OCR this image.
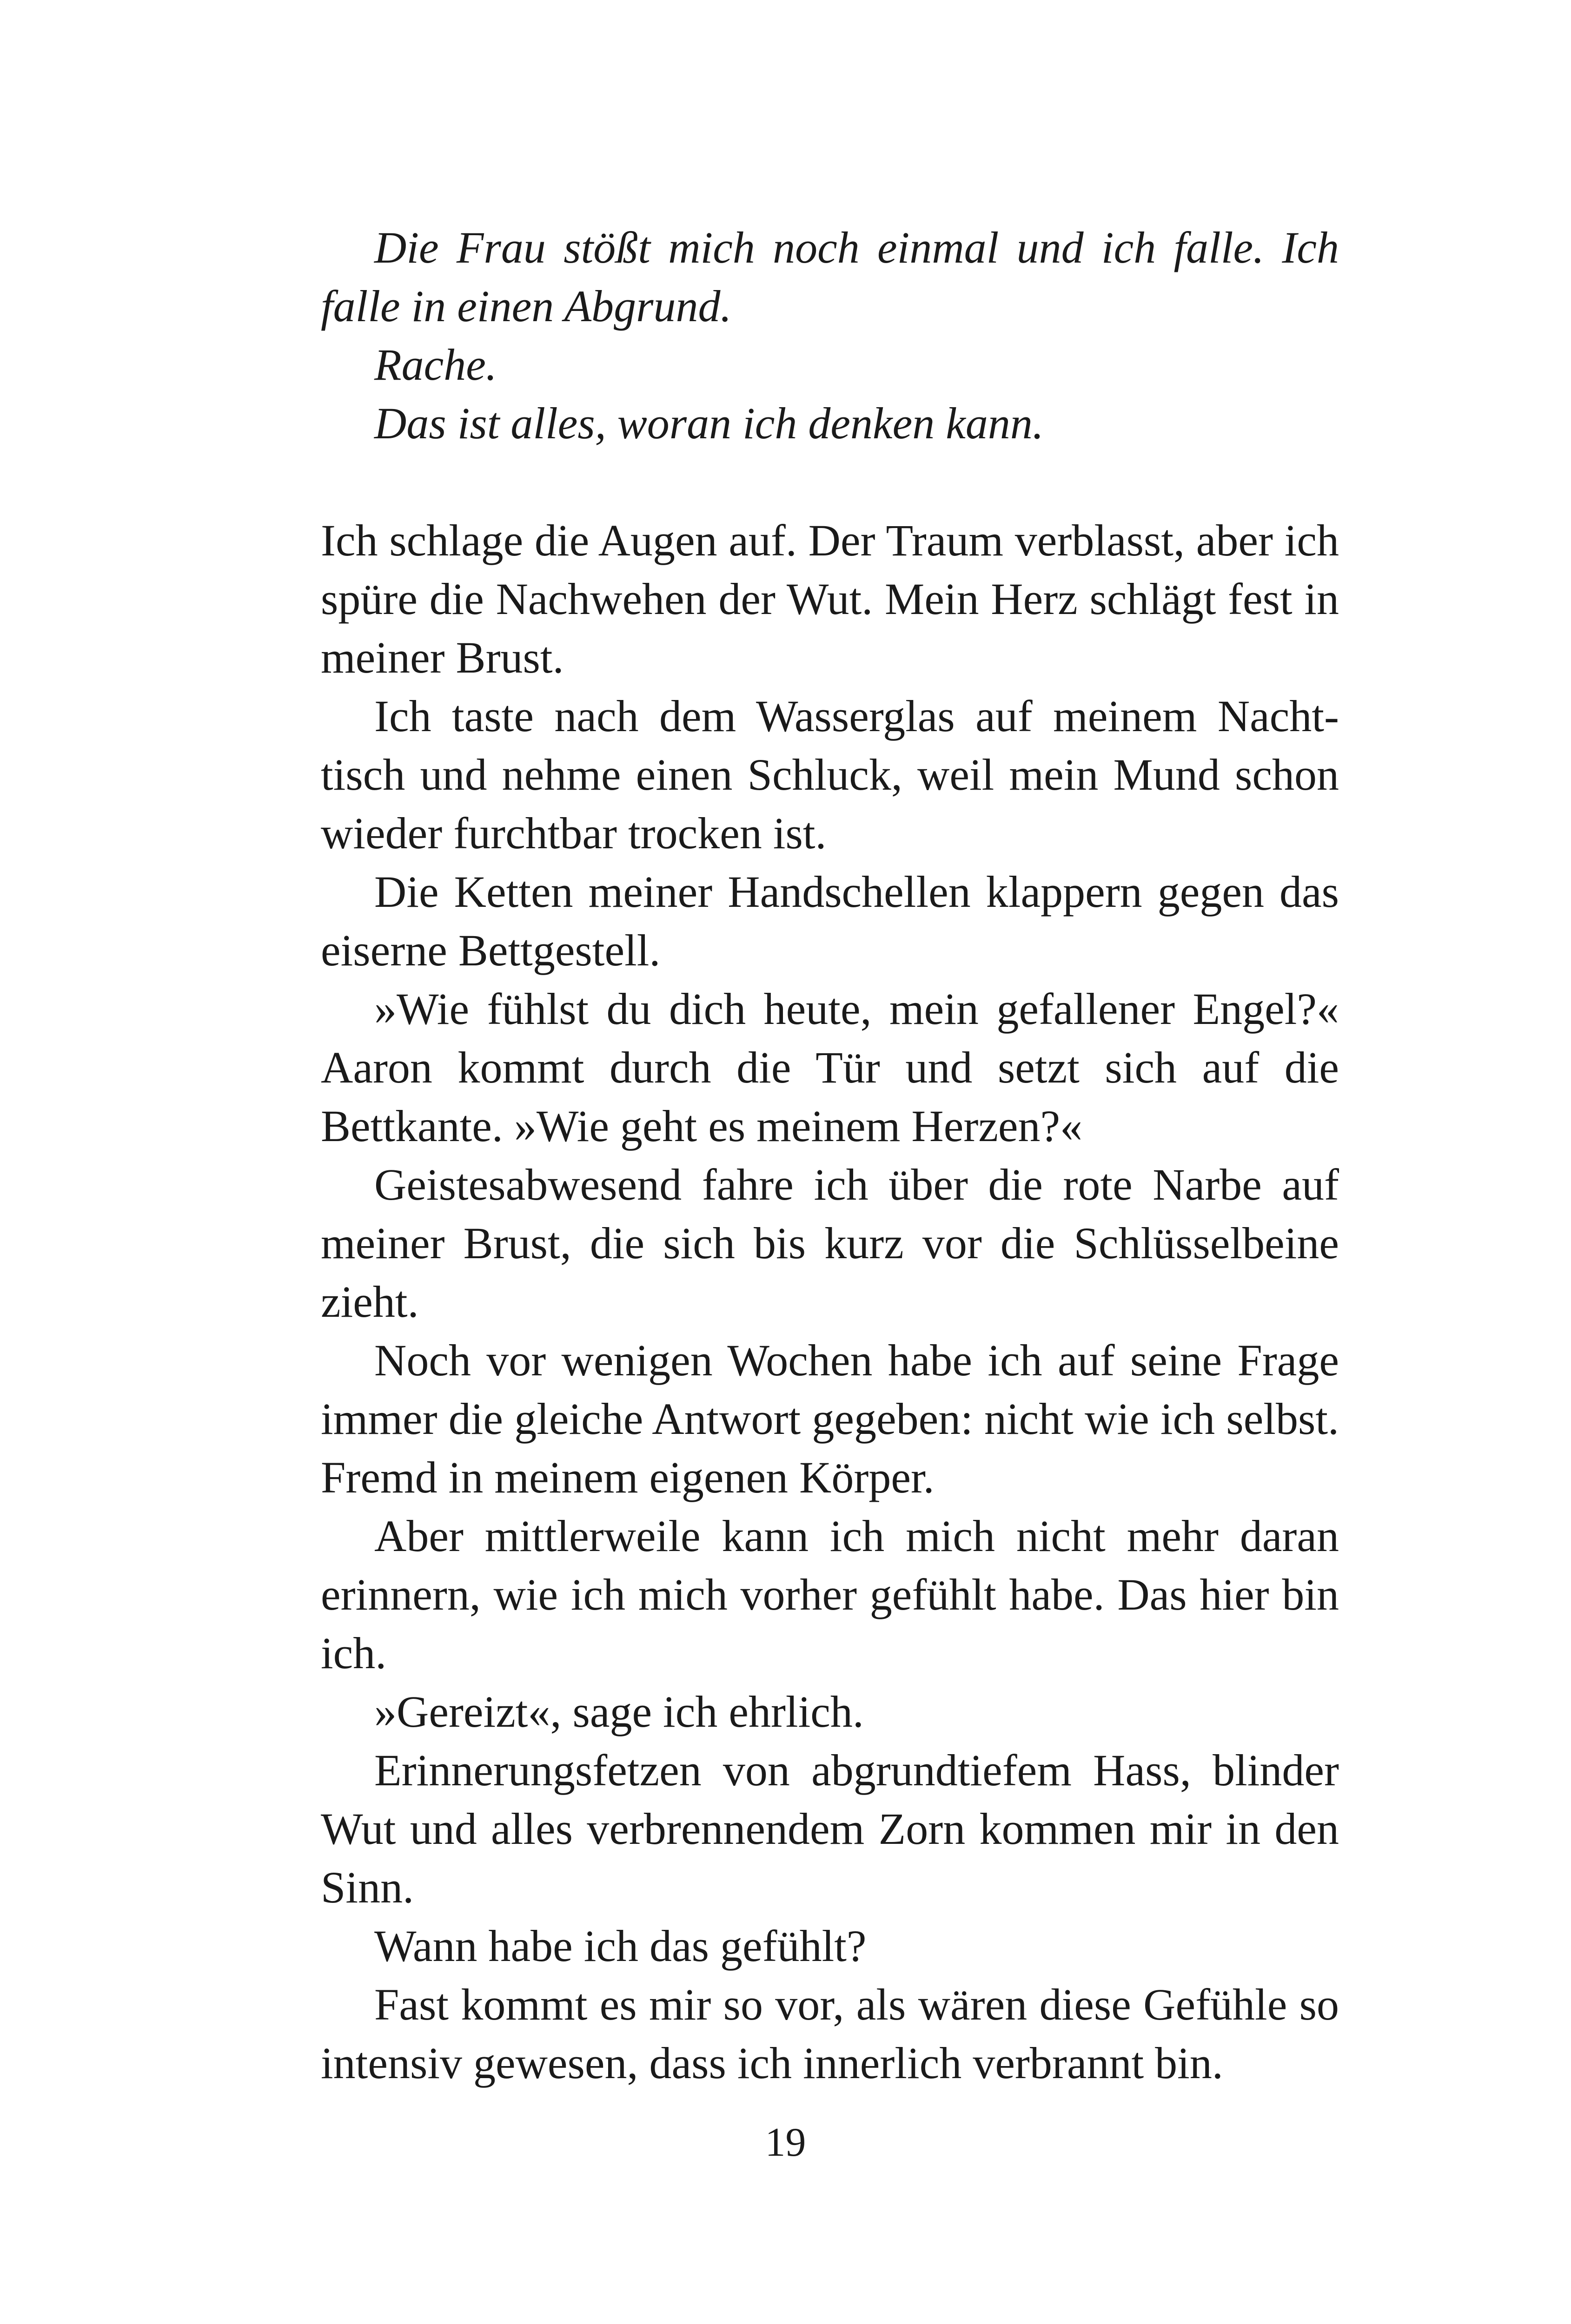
Die Frau stößt mich noch einmal und ich falle. Ich falle in einen Abgrund.

Rache.

Das ist alles, woran ich denken kann.

Ich schlage die Augen auf. Der Traum verblasst, aber ich spüre die Nachwehen der Wut. Mein Herz schlägt fest in meiner Brust.

Ich taste nach dem Wasserglas auf meinem Nachttisch und nehme einen Schluck, weil mein Mund schon wieder furchtbar trocken ist.

Die Ketten meiner Handschellen klappern gegen das eiserne Bettgestell.

»Wie fühlst du dich heute, mein gefallener Engel?« Aaron kommt durch die Tür und setzt sich auf die Bettkante. »Wie geht es meinem Herzen?«

Geistesabwesend fahre ich über die rote Narbe auf meiner Brust, die sich bis kurz vor die Schlüsselbeine zieht.

Noch vor wenigen Wochen habe ich auf seine Frage immer die gleiche Antwort gegeben: nicht wie ich selbst. Fremd in meinem eigenen Körper.

Aber mittlerweile kann ich mich nicht mehr daran erinnern, wie ich mich vorher gefühlt habe. Das hier bin ich.

»Gereizt«, sage ich ehrlich.

Erinnerungsfetzen von abgrundtiefem Hass, blinder Wut und alles verbrennendem Zorn kommen mir in den Sinn.

Wann habe ich das gefühlt?

Fast kommt es mir so vor, als wären diese Gefühle so intensiv gewesen, dass ich innerlich verbrannt bin.

19
